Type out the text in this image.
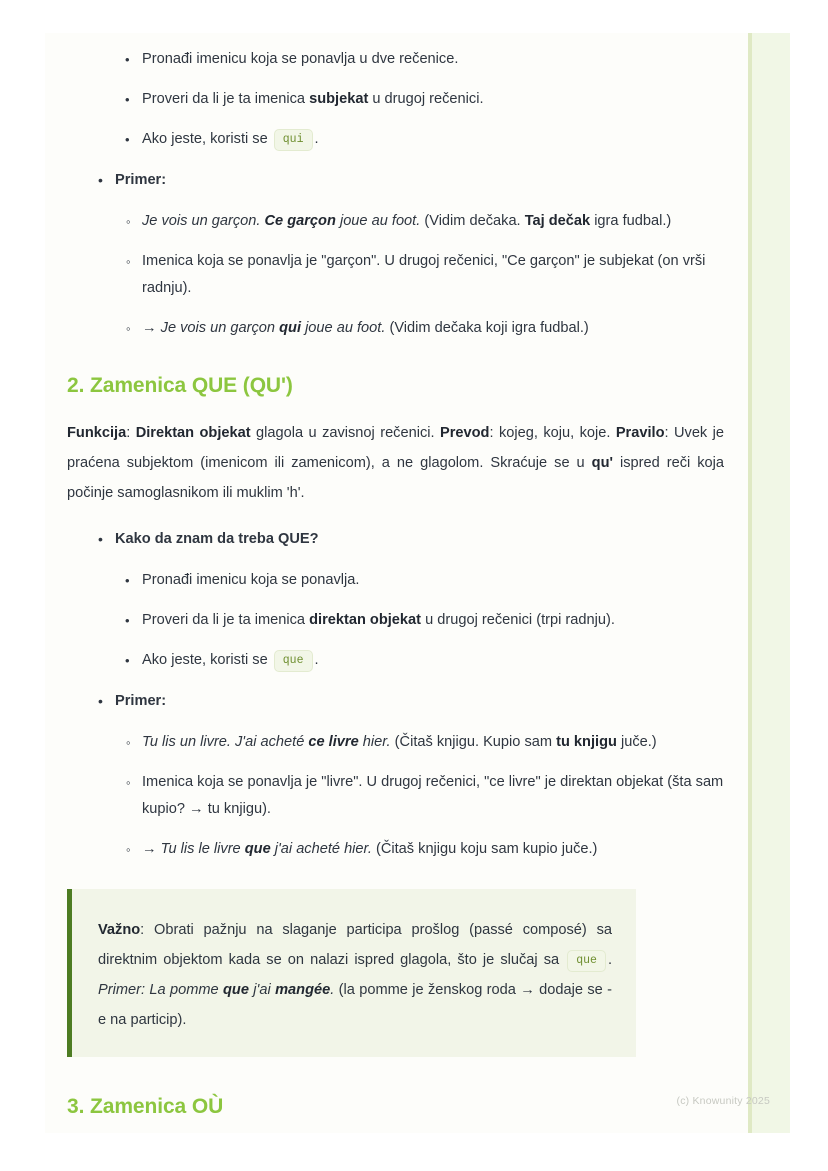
• Pronađi imenicu koja se ponavlja u dve rečenice.
• Proveri da li je ta imenica subjekat u drugoj rečenici.
• Ako jeste, koristi se qui .
• Primer:
◦ Je vois un garçon. Ce garçon joue au foot. (Vidim dečaka. Taj dečak igra fudbal.)
◦ Imenica koja se ponavlja je "garçon". U drugoj rečenici, "Ce garçon" je subjekat (on vrši radnju).
◦ → Je vois un garçon qui joue au foot. (Vidim dečaka koji igra fudbal.)
2. Zamenica QUE (QU')

Funkcija: Direktan objekat glagola u zavisnoj rečenici. Prevod: kojeg, koju, koje. Pravilo: Uvek je praćena subjektom (imenicom ili zamenicom), a ne glagolom. Skraćuje se u qu' ispred reči koja počinje samoglasnikom ili muklim 'h'.

• Kako da znam da treba QUE?
• Pronađi imenicu koja se ponavlja.
• Proveri da li je ta imenica direktan objekat u drugoj rečenici (trpi radnju).
• Ako jeste, koristi se que .
• Primer:
◦ Tu lis un livre. J'ai acheté ce livre hier. (Čitaš knjigu. Kupio sam tu knjigu juče.)
◦ Imenica koja se ponavlja je "livre". U drugoj rečenici, "ce livre" je direktan objekat (šta sam kupio? → tu knjigu).
◦ → Tu lis le livre que j'ai acheté hier. (Čitaš knjigu koju sam kupio juče.)

Važno: Obrati pažnju na slaganje participa prošlog (passé composé) sa direktnim objektom kada se on nalazi ispred glagola, što je slučaj sa que . Primer: La pomme que j'ai mangée. (la pomme je ženskog roda → dodaje se -e na particip).

3. Zamenica OÙ	(c) Knowunity 2025
